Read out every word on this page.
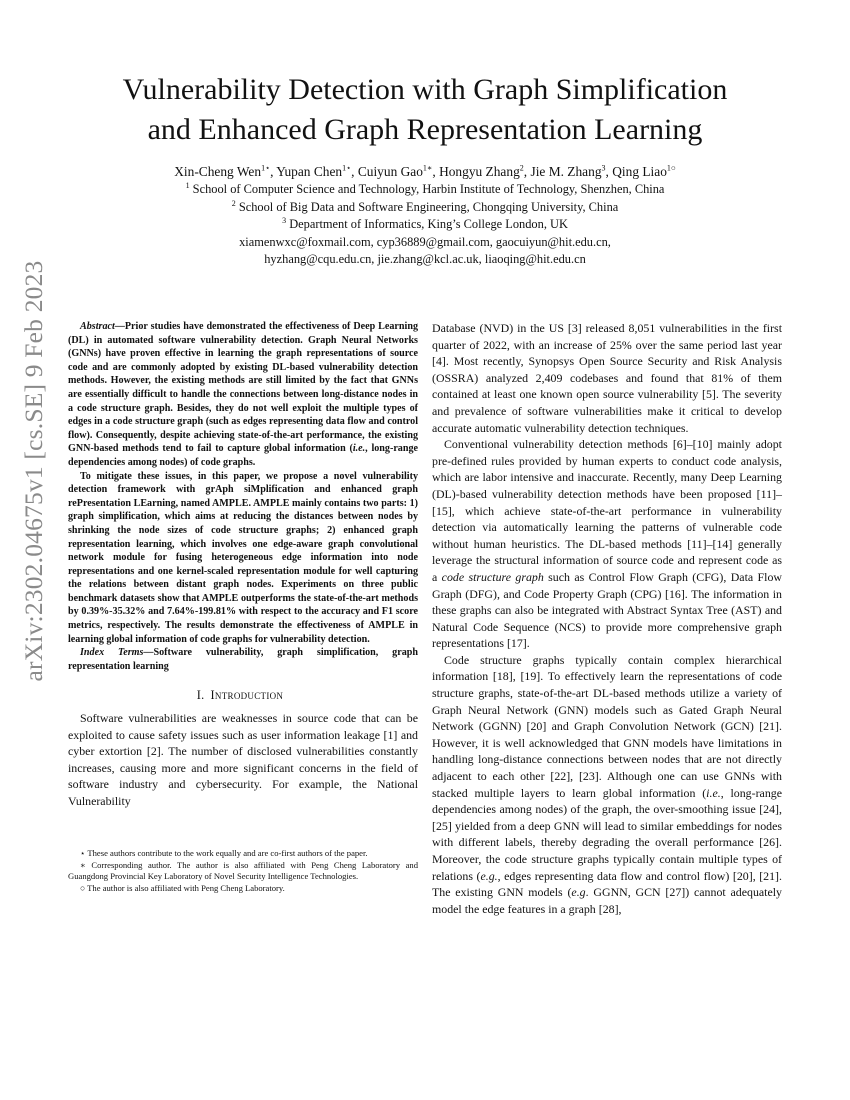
arXiv:2302.04675v1 [cs.SE] 9 Feb 2023
Vulnerability Detection with Graph Simplification
and Enhanced Graph Representation Learning
Xin-Cheng Wen$^{1⋆}$, Yupan Chen$^{1⋆}$, Cuiyun Gao$^{1∗}$, Hongyu Zhang$^2$, Jie M. Zhang$^3$, Qing Liao$^{1○}$
$^1$ School of Computer Science and Technology, Harbin Institute of Technology, Shenzhen, China
$^2$ School of Big Data and Software Engineering, Chongqing University, China
$^3$ Department of Informatics, King’s College London, UK
xiamenwxc@foxmail.com, cyp36889@gmail.com, gaocuiyun@hit.edu.cn,
hyzhang@cqu.edu.cn, jie.zhang@kcl.ac.uk, liaoqing@hit.edu.cn

Abstract—Prior studies have demonstrated the effectiveness of Deep Learning (DL) in automated software vulnerability detection. Graph Neural Networks (GNNs) have proven effective in learning the graph representations of source code and are commonly adopted by existing DL-based vulnerability detection methods. However, the existing methods are still limited by the fact that GNNs are essentially difficult to handle the connections between long-distance nodes in a code structure graph. Besides, they do not well exploit the multiple types of edges in a code structure graph (such as edges representing data flow and control flow). Consequently, despite achieving state-of-the-art performance, the existing GNN-based methods tend to fail to capture global information (i.e., long-range dependencies among nodes) of code graphs.

To mitigate these issues, in this paper, we propose a novel vulnerability detection framework with grAph siMplification and enhanced graph rePresentation LEarning, named AMPLE. AMPLE mainly contains two parts: 1) graph simplification, which aims at reducing the distances between nodes by shrinking the node sizes of code structure graphs; 2) enhanced graph representation learning, which involves one edge-aware graph convolutional network module for fusing heterogeneous edge information into node representations and one kernel-scaled representation module for well capturing the relations between distant graph nodes. Experiments on three public benchmark datasets show that AMPLE outperforms the state-of-the-art methods by 0.39%-35.32% and 7.64%-199.81% with respect to the accuracy and F1 score metrics, respectively. The results demonstrate the effectiveness of AMPLE in learning global information of code graphs for vulnerability detection.

Index Terms—Software vulnerability, graph simplification, graph representation learning

I. Introduction

Software vulnerabilities are weaknesses in source code that can be exploited to cause safety issues such as user information leakage [1] and cyber extortion [2]. The number of disclosed vulnerabilities constantly increases, causing more and more significant concerns in the field of software industry and cybersecurity. For example, the National Vulnerability

⋆ These authors contribute to the work equally and are co-first authors of the paper.

∗ Corresponding author. The author is also affiliated with Peng Cheng Laboratory and Guangdong Provincial Key Laboratory of Novel Security Intelligence Technologies.

○ The author is also affiliated with Peng Cheng Laboratory.

Database (NVD) in the US [3] released 8,051 vulnerabilities in the first quarter of 2022, with an increase of 25% over the same period last year [4]. Most recently, Synopsys Open Source Security and Risk Analysis (OSSRA) analyzed 2,409 codebases and found that 81% of them contained at least one known open source vulnerability [5]. The severity and prevalence of software vulnerabilities make it critical to develop accurate automatic vulnerability detection techniques.

Conventional vulnerability detection methods [6]–[10] mainly adopt pre-defined rules provided by human experts to conduct code analysis, which are labor intensive and inaccurate. Recently, many Deep Learning (DL)-based vulnerability detection methods have been proposed [11]–[15], which achieve state-of-the-art performance in vulnerability detection via automatically learning the patterns of vulnerable code without human heuristics. The DL-based methods [11]–[14] generally leverage the structural information of source code and represent code as a code structure graph such as Control Flow Graph (CFG), Data Flow Graph (DFG), and Code Property Graph (CPG) [16]. The information in these graphs can also be integrated with Abstract Syntax Tree (AST) and Natural Code Sequence (NCS) to provide more comprehensive graph representations [17].

Code structure graphs typically contain complex hierarchical information [18], [19]. To effectively learn the representations of code structure graphs, state-of-the-art DL-based methods utilize a variety of Graph Neural Network (GNN) models such as Gated Graph Neural Network (GGNN) [20] and Graph Convolution Network (GCN) [21]. However, it is well acknowledged that GNN models have limitations in handling long-distance connections between nodes that are not directly adjacent to each other [22], [23]. Although one can use GNNs with stacked multiple layers to learn global information (i.e., long-range dependencies among nodes) of the graph, the over-smoothing issue [24], [25] yielded from a deep GNN will lead to similar embeddings for nodes with different labels, thereby degrading the overall performance [26]. Moreover, the code structure graphs typically contain multiple types of relations (e.g., edges representing data flow and control flow) [20], [21]. The existing GNN models (e.g. GGNN, GCN [27]) cannot adequately model the edge features in a graph [28],
